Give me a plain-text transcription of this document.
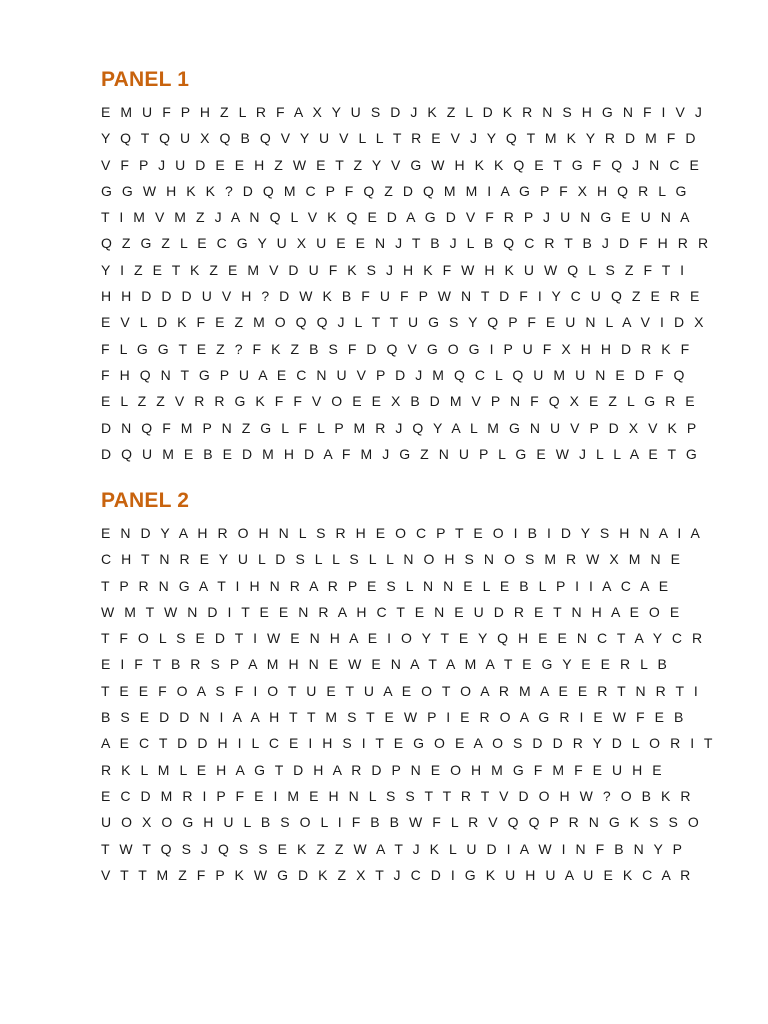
PANEL 1
E M U F P H Z L R F A X Y U S D J K Z L D K R N S H G N F I V J
Y Q T Q U X Q B Q V Y U V L L T R E V J Y Q T M K Y R D M F D
V F P J U D E E H Z W E T Z Y V G W H K K Q E T G F Q J N C E
G G W H K K ? D Q M C P F Q Z D Q M M I A G P F X H Q R L G
T I M V M Z J A N Q L V K Q E D A G D V F R P J U N G E U N A
Q Z G Z L E C G Y U X U E E N J T B J L B Q C R T B J D F H R R
Y I Z E T K Z E M V D U F K S J H K F W H K U W Q L S Z F T I
H H D D D U V H ? D W K B F U F P W N T D F I Y C U Q Z E R E
E V L D K F E Z M O Q Q J L T T U G S Y Q P F E U N L A V I D X
F L G G T E Z ? F K Z B S F D Q V G O G I P U F X H H D R K F
F H Q N T G P U A E C N U V P D J M Q C L Q U M U N E D F Q
E L Z Z V R R G K F F V O E E X B D M V P N F Q X E Z L G R E
D N Q F M P N Z G L F L P M R J Q Y A L M G N U V P D X V K P
D Q U M E B E D M H D A F M J G Z N U P L G E W J L L A E T G
PANEL 2
E N D Y A H R O H N L S R H E O C P T E O I B I D Y S H N A I A
C H T N R E Y U L D S L L S L L N O H S N O S M R W X M N E
T P R N G A T I H N R A R P E S L N N E L E B L P I I A C A E
W M T W N D I T E E N R A H C T E N E U D R E T N H A E O E
T F O L S E D T I W E N H A E I O Y T E Y Q H E E N C T A Y C R
E I F T B R S P A M H N E W E N A T A M A T E G Y E E R L B
T E E F O A S F I O T U E T U A E O T O A R M A E E R T N R T I
B S E D D N I A A H T T M S T E W P I E R O A G R I E W F E B
A E C T D D H I L C E I H S I T E G O E A O S D D R Y D L O R I T
R K L M L E H A G T D H A R D P N E O H M G F M F E U H E
E C D M R I P F E I M E H N L S S T T R T V D O H W ? O B K R
U O X O G H U L B S O L I F B B W F L R V Q Q P R N G K S S O
T W T Q S J Q S S E K Z Z W A T J K L U D I A W I N F B N Y P
V T T M Z F P K W G D K Z X T J C D I G K U H U A U E K C A R
